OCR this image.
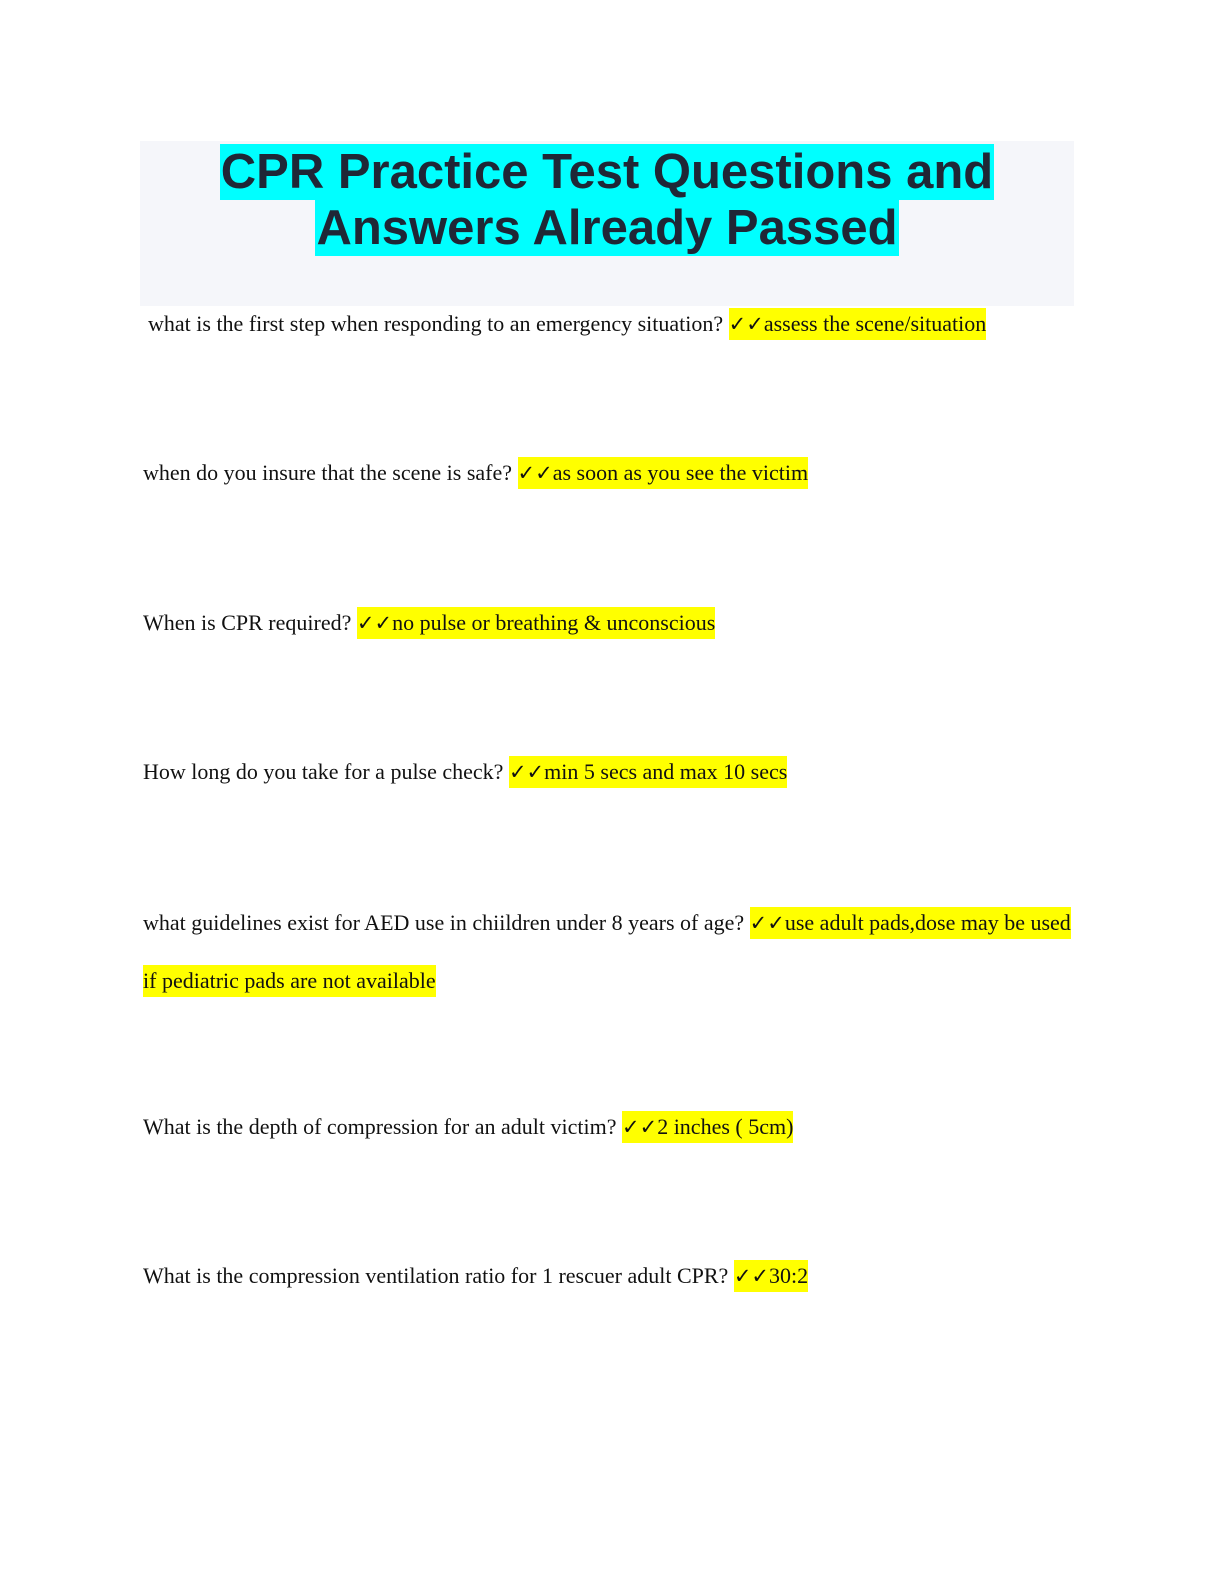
CPR Practice Test Questions and
Answers Already Passed
what is the first step when responding to an emergency situation? ✓✓assess the scene/situation
when do you insure that the scene is safe? ✓✓as soon as you see the victim
When is CPR required? ✓✓no pulse or breathing & unconscious
How long do you take for a pulse check? ✓✓min 5 secs and max 10 secs
what guidelines exist for AED use in chiildren under 8 years of age? ✓✓use adult pads,dose may be used if pediatric pads are not available
What is the depth of compression for an adult victim? ✓✓2 inches ( 5cm)
What is the compression ventilation ratio for 1 rescuer adult CPR? ✓✓30:2
